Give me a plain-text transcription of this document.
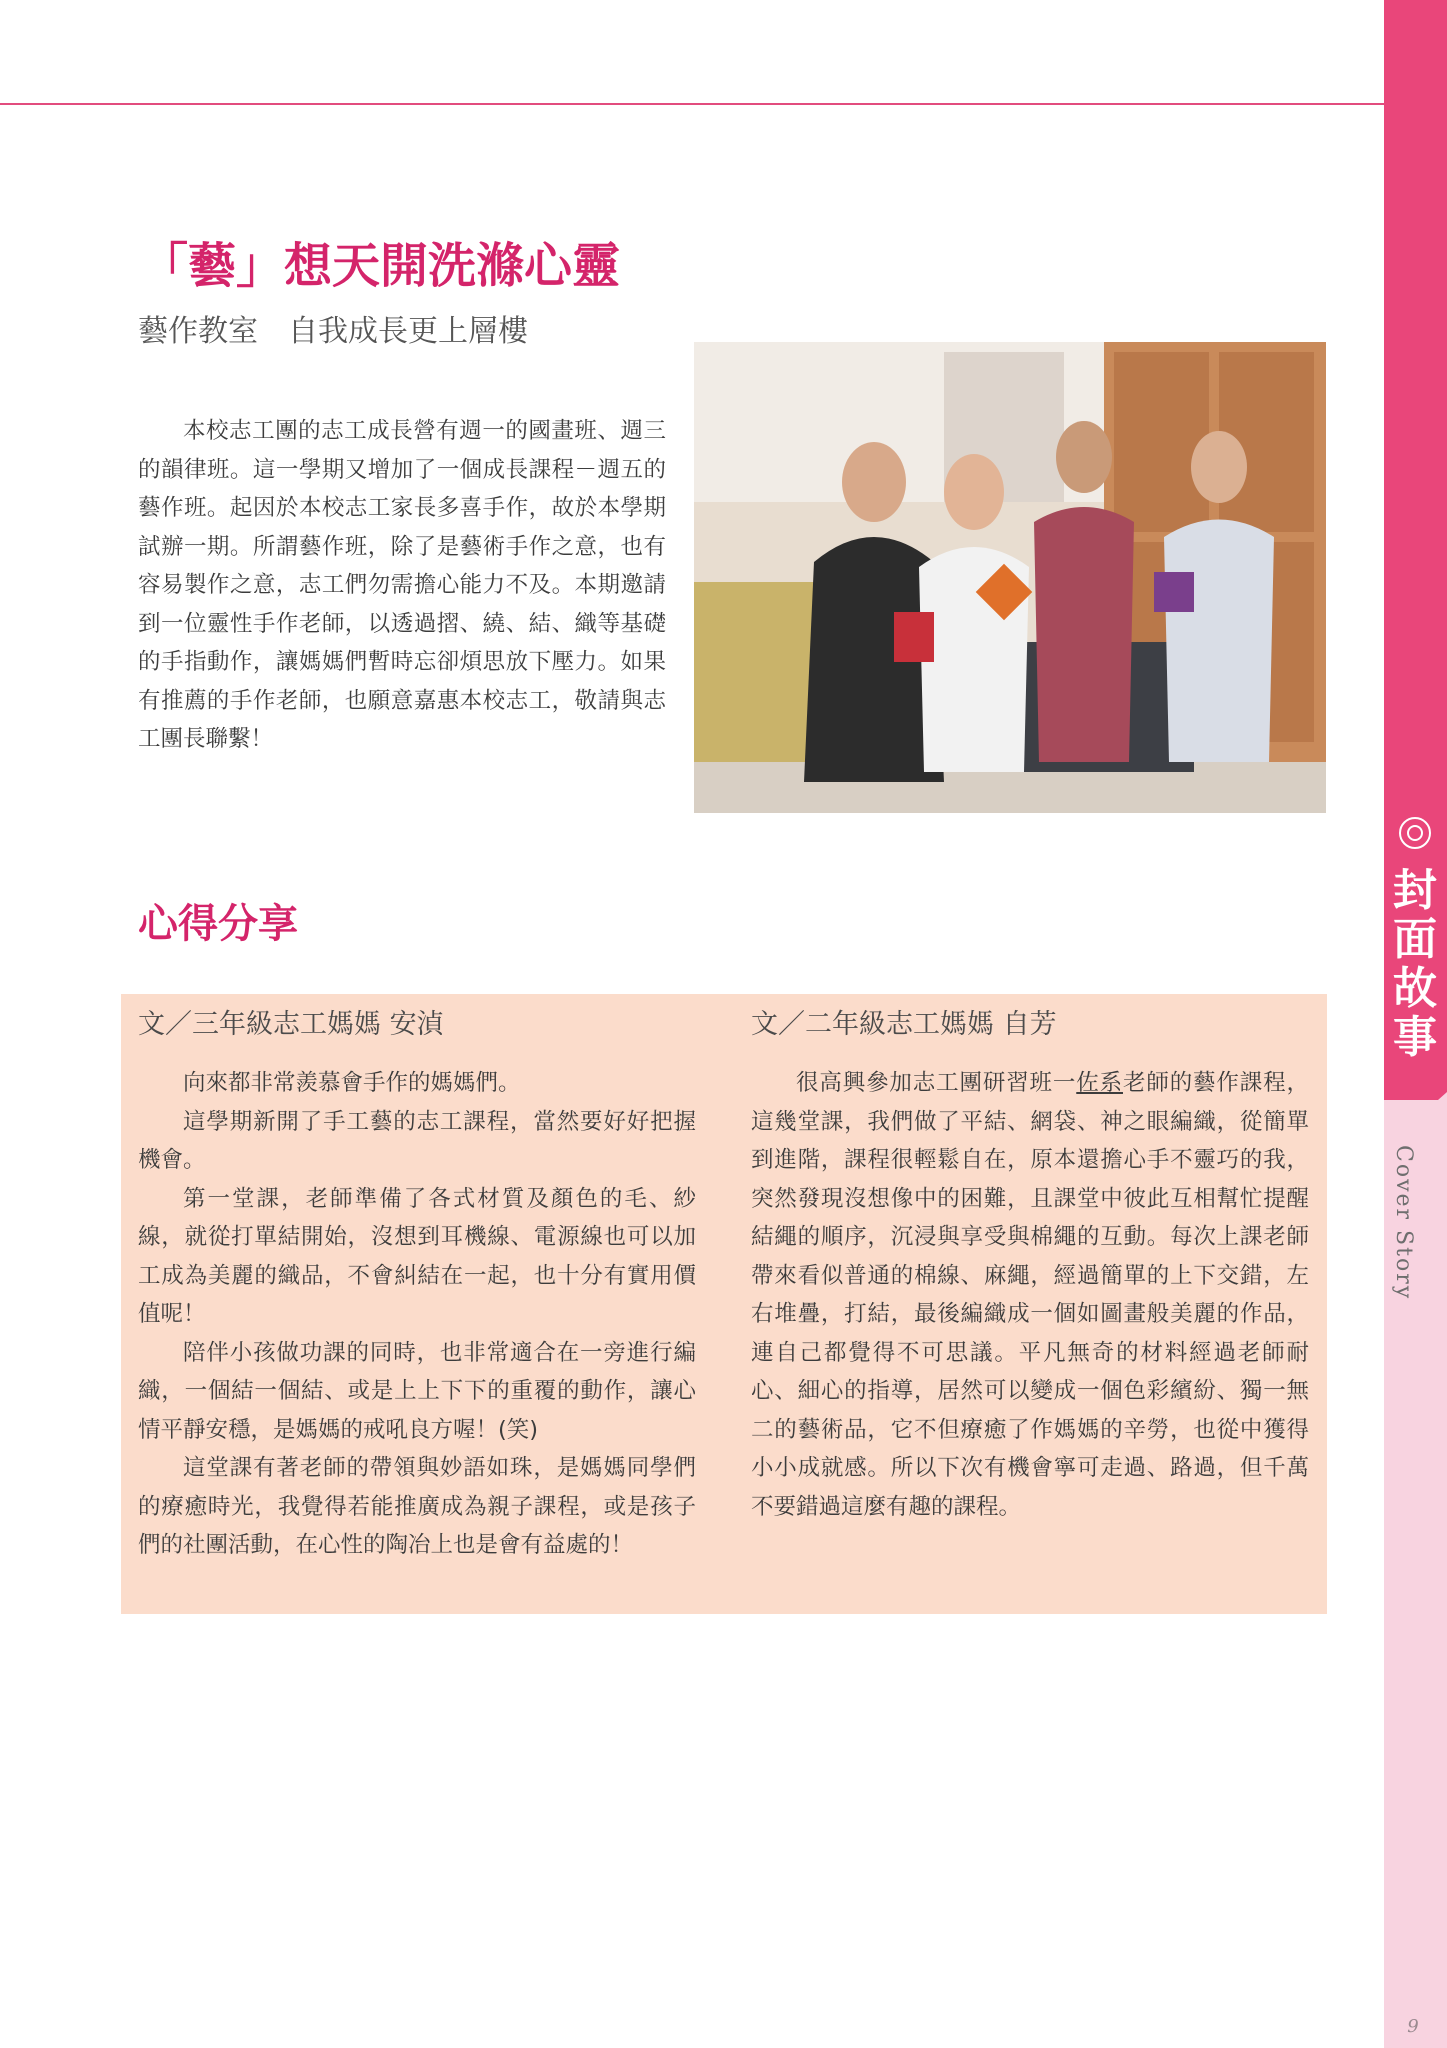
封面故事
Cover Story
9
「藝」想天開洗滌心靈
藝作教室　自我成長更上層樓

本校志工團的志工成長營有週一的國畫班、週三的韻律班。這一學期又增加了一個成長課程－週五的藝作班。起因於本校志工家長多喜手作，故於本學期試辦一期。所謂藝作班，除了是藝術手作之意，也有容易製作之意，志工們勿需擔心能力不及。本期邀請到一位靈性手作老師，以透過摺、繞、結、織等基礎的手指動作，讓媽媽們暫時忘卻煩思放下壓力。如果有推薦的手作老師，也願意嘉惠本校志工，敬請與志工團長聯繫！

心得分享
文／三年級志工媽媽 安湞

向來都非常羨慕會手作的媽媽們。

這學期新開了手工藝的志工課程，當然要好好把握機會。

第一堂課，老師準備了各式材質及顏色的毛、紗線，就從打單結開始，沒想到耳機線、電源線也可以加工成為美麗的織品，不會糾結在一起，也十分有實用價值呢！

陪伴小孩做功課的同時，也非常適合在一旁進行編織，一個結一個結、或是上上下下的重覆的動作，讓心情平靜安穩，是媽媽的戒吼良方喔！(笑)

這堂課有著老師的帶領與妙語如珠，是媽媽同學們的療癒時光，我覺得若能推廣成為親子課程，或是孩子們的社團活動，在心性的陶冶上也是會有益處的！

文／二年級志工媽媽 自芳

很高興參加志工團研習班一佐系老師的藝作課程，這幾堂課，我們做了平結、網袋、神之眼編織，從簡單到進階，課程很輕鬆自在，原本還擔心手不靈巧的我，突然發現沒想像中的困難，且課堂中彼此互相幫忙提醒結繩的順序，沉浸與享受與棉繩的互動。每次上課老師帶來看似普通的棉線、麻繩，經過簡單的上下交錯，左右堆疊，打結，最後編織成一個如圖畫般美麗的作品，連自己都覺得不可思議。平凡無奇的材料經過老師耐心、細心的指導，居然可以變成一個色彩繽紛、獨一無二的藝術品，它不但療癒了作媽媽的辛勞，也從中獲得小小成就感。所以下次有機會寧可走過、路過，但千萬不要錯過這麼有趣的課程。
